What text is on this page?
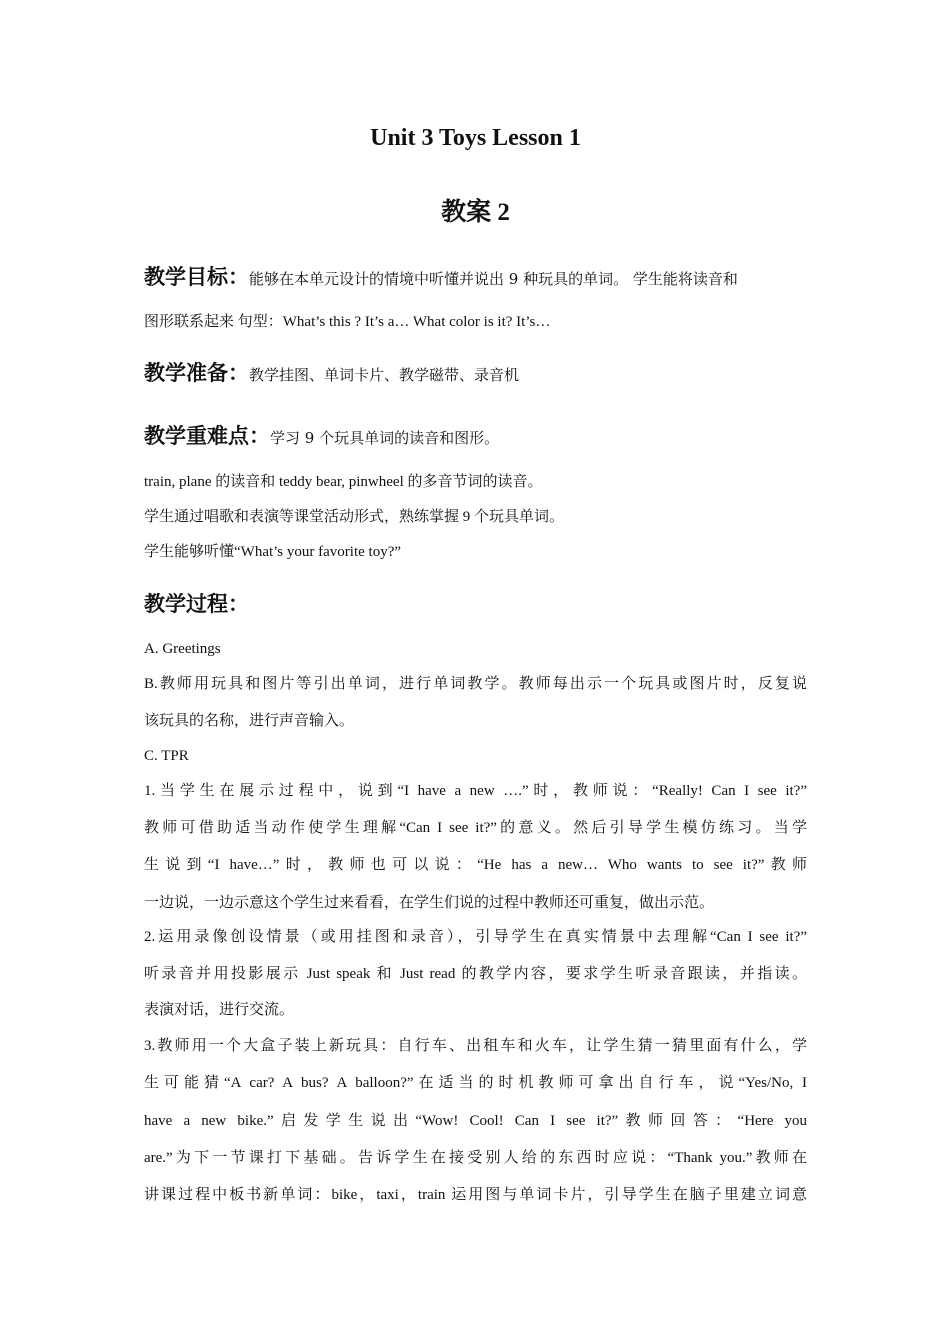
Unit 3 Toys Lesson 1
教案 2
教学目标：能够在本单元设计的情境中听懂并说出 9 种玩具的单词。 学生能将读音和
图形联系起来 句型：What’s this ? It’s a… What color is it? It’s…
教学准备：教学挂图、单词卡片、教学磁带、录音机
教学重难点：学习 9 个玩具单词的读音和图形。
train, plane 的读音和 teddy bear, pinwheel 的多音节词的读音。
学生通过唱歌和表演等课堂活动形式，熟练掌握 9 个玩具单词。
学生能够听懂“What’s your favorite toy?”
教学过程：
A. Greetings
B.教师用玩具和图片等引出单词，进行单词教学。教师每出示一个玩具或图片时，反复说
该玩具的名称，进行声音输入。
C. TPR
1.当学生在展示过程中，说到“I have a new ….”时，教师说：“Really! Can I see it?”
教师可借助适当动作使学生理解“Can I see it?”的意义。然后引导学生模仿练习。当学
生说到“I have…”时，教师也可以说：“He has a new… Who wants to see it?”教师
一边说，一边示意这个学生过来看看，在学生们说的过程中教师还可重复，做出示范。
2.运用录像创设情景（或用挂图和录音），引导学生在真实情景中去理解“Can I see it?”
听录音并用投影展示 Just speak 和 Just read 的教学内容，要求学生听录音跟读，并指读。
表演对话，进行交流。
3.教师用一个大盒子装上新玩具：自行车、出租车和火车，让学生猜一猜里面有什么，学
生可能猜“A car? A bus? A balloon?”在适当的时机教师可拿出自行车，说“Yes/No, I
have a new bike.”启发学生说出“Wow! Cool! Can I see it?”教师回答：“Here you
are.”为下一节课打下基础。告诉学生在接受别人给的东西时应说：“Thank you.”教师在
讲课过程中板书新单词：bike，taxi，train 运用图与单词卡片，引导学生在脑子里建立词意
